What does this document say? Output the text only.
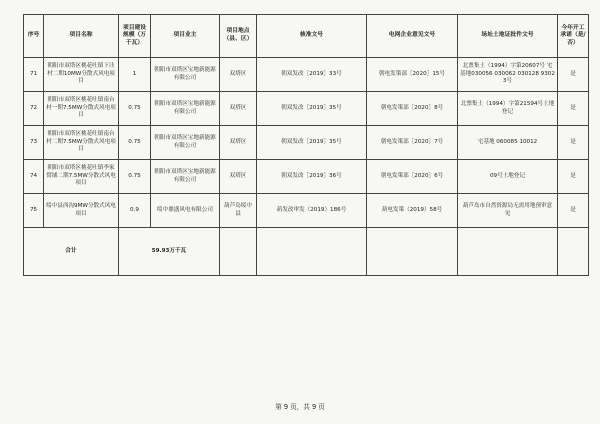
序号	项目名称	项目建设规模（万千瓦）	项目业主	项目地点（县、区）	核准文号	电网企业意见文号	场址土地证批件文号	今年开工承诺（是/否）
71	朝阳市双塔区桃花吐镇下洼村二期10MW分散式风电项目	1	朝阳市双塔区宝地新能源有限公司	双塔区	朝双发改［2019］33号	朝电发策部［2020］15号	北票集土（1994）字第20607号 宅基地030056 030062 030128 93023号	是
72	朝阳市双塔区桃花吐镇南台村一期7.5MW分散式风电项目	0.75	朝阳市双塔区宝地新能源有限公司	双塔区	朝双发改［2019］35号	朝电发策部［2020］8号	北票集土（1994）字第21594号土地登记	是
73	朝阳市双塔区桃花吐镇南台村二期7.5MW分散式风电项目	0.75	朝阳市双塔区宝地新能源有限公司	双塔区	朝双发改［2019］35号	朝电发策部［2020］7号	宅基地 060085 10012	是
74	朝阳市双塔区桃花吐镇李家窝铺二期7.5MW分散式风电项目	0.75	朝阳市双塔区宝地新能源有限公司	双塔区	朝双发改［2019］36号	朝电发策部［2020］6号	09号土地登记	是
75	绥中县西沟9MW分散式风电项目	0.9	绥中鼎盛风电有限公司	葫芦岛绥中县	葫发改审发（2019）186号	葫电发策（2019）58号	葫芦岛市自然资源局无需用地预审意见	是
合计		59.93万千瓦						
第 9 页，共 9 页
